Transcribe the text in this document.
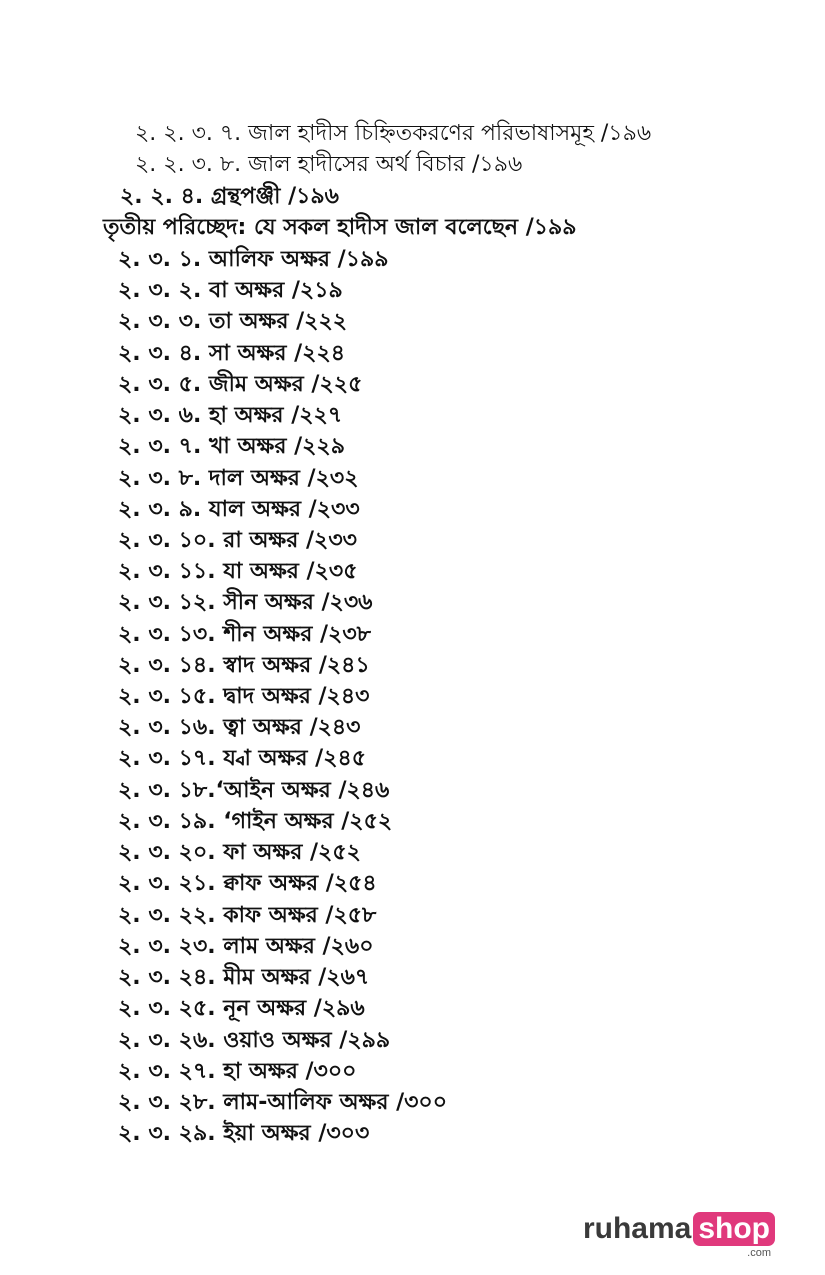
২. ২. ৩. ৭. জাল হাদীস চিহ্নিতকরণের পরিভাষাসমূহ /১৯৬
২. ২. ৩. ৮. জাল হাদীসের অর্থ বিচার /১৯৬
২. ২. ৪. গ্রন্থপঞ্জী /১৯৬
তৃতীয় পরিচ্ছেদ: যে সকল হাদীস জাল বলেছেন /১৯৯
২. ৩. ১. আলিফ অক্ষর /১৯৯
২. ৩. ২. বা অক্ষর /২১৯
২. ৩. ৩. তা অক্ষর /২২২
২. ৩. ৪. সা অক্ষর /২২৪
২. ৩. ৫. জীম অক্ষর /২২৫
২. ৩. ৬. হা অক্ষর /২২৭
২. ৩. ৭. খা অক্ষর /২২৯
২. ৩. ৮. দাল অক্ষর /২৩২
২. ৩. ৯. যাল অক্ষর /২৩৩
২. ৩. ১০. রা অক্ষর /২৩৩
২. ৩. ১১. যা অক্ষর /২৩৫
২. ৩. ১২. সীন অক্ষর /২৩৬
২. ৩. ১৩. শীন অক্ষর /২৩৮
২. ৩. ১৪. স্বাদ অক্ষর /২৪১
২. ৩. ১৫. দ্বাদ অক্ষর /২৪৩
২. ৩. ১৬. ত্বা অক্ষর /২৪৩
২. ৩. ১৭. য্বা অক্ষর /২৪৫
২. ৩. ১৮.‘আইন অক্ষর /২৪৬
২. ৩. ১৯. ‘গাইন অক্ষর /২৫২
২. ৩. ২০. ফা অক্ষর /২৫২
২. ৩. ২১. ক্বাফ অক্ষর /২৫৪
২. ৩. ২২. কাফ অক্ষর /২৫৮
২. ৩. ২৩. লাম অক্ষর /২৬০
২. ৩. ২৪. মীম অক্ষর /২৬৭
২. ৩. ২৫. নূন অক্ষর /২৯৬
২. ৩. ২৬. ওয়াও অক্ষর /২৯৯
২. ৩. ২৭. হা অক্ষর /৩০০
২. ৩. ২৮. লাম-আলিফ অক্ষর /৩০০
২. ৩. ২৯. ইয়া অক্ষর /৩০৩
ruhama shop
.com
